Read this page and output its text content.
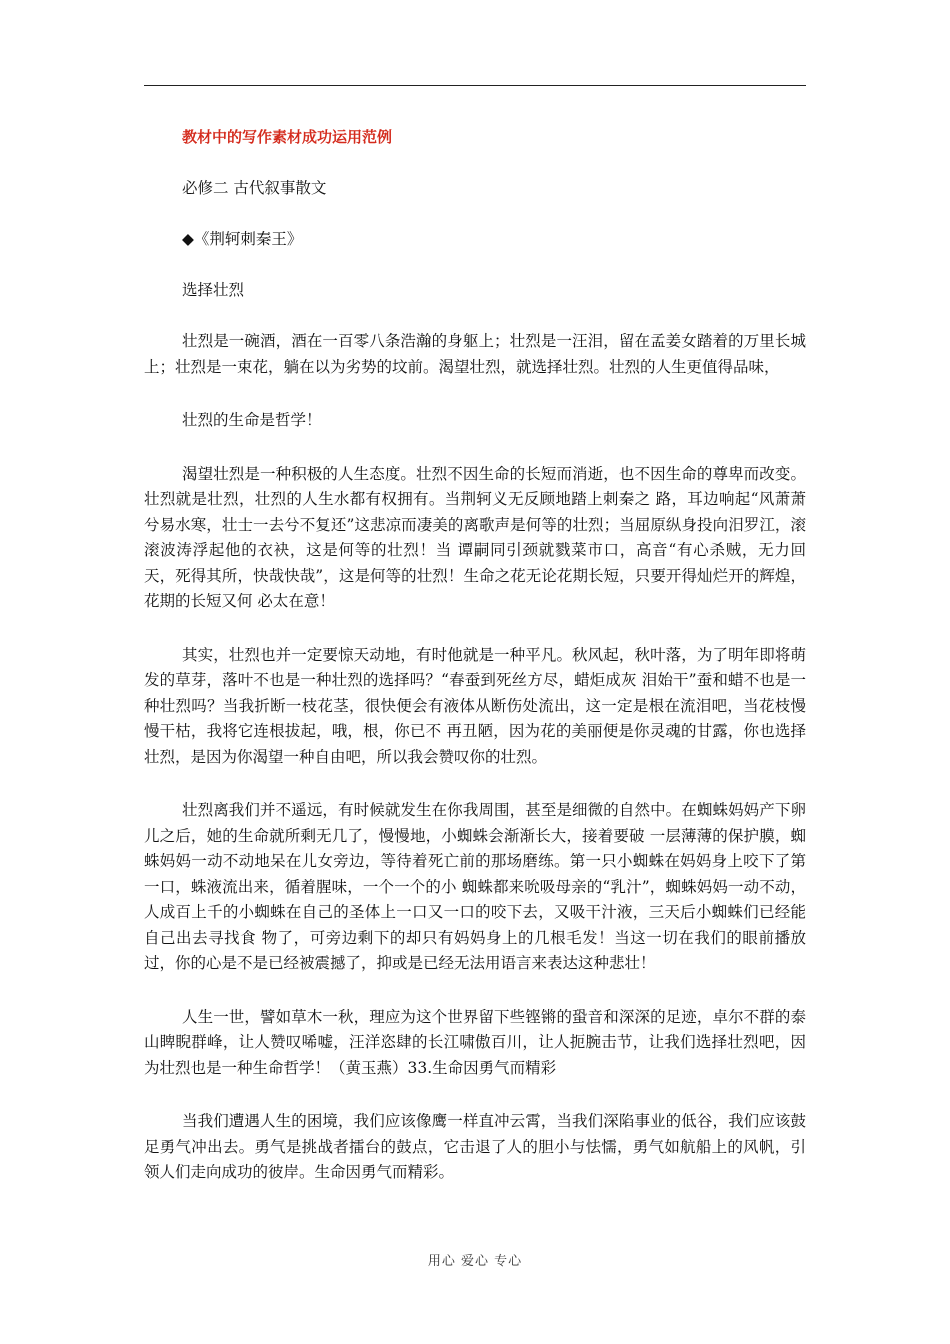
教材中的写作素材成功运用范例
必修二 古代叙事散文
◆《荆轲刺秦王》
选择壮烈

壮烈是一碗酒，酒在一百零八条浩瀚的身躯上；壮烈是一汪泪，留在孟姜女踏着的万里长城上；壮烈是一束花，躺在以为劣势的坟前。渴望壮烈，就选择壮烈。壮烈的人生更值得品味，

壮烈的生命是哲学！

渴望壮烈是一种积极的人生态度。壮烈不因生命的长短而消逝，也不因生命的尊卑而改变。壮烈就是壮烈，壮烈的人生水都有权拥有。当荆轲义无反顾地踏上刺秦之 路，耳边响起“风萧萧兮易水寒，壮士一去兮不复还”这悲凉而凄美的离歌声是何等的壮烈；当屈原纵身投向汨罗江，滚滚波涛浮起他的衣袂，这是何等的壮烈！当 谭嗣同引颈就戮菜市口，高音“有心杀贼，无力回天，死得其所，快哉快哉”，这是何等的壮烈！生命之花无论花期长短，只要开得灿烂开的辉煌，花期的长短又何 必太在意！

其实，壮烈也并一定要惊天动地，有时他就是一种平凡。秋风起，秋叶落，为了明年即将萌发的草芽，落叶不也是一种壮烈的选择吗？“春蚕到死丝方尽，蜡炬成灰 泪始干”蚕和蜡不也是一种壮烈吗？当我折断一枝花茎，很快便会有液体从断伤处流出，这一定是根在流泪吧，当花枝慢慢干枯，我将它连根拔起，哦，根，你已不 再丑陋，因为花的美丽便是你灵魂的甘露，你也选择壮烈，是因为你渴望一种自由吧，所以我会赞叹你的壮烈。

壮烈离我们并不遥远，有时候就发生在你我周围，甚至是细微的自然中。在蜘蛛妈妈产下卵儿之后，她的生命就所剩无几了，慢慢地，小蜘蛛会渐渐长大，接着要破 一层薄薄的保护膜，蜘蛛妈妈一动不动地呆在儿女旁边，等待着死亡前的那场磨练。第一只小蜘蛛在妈妈身上咬下了第一口，蛛液流出来，循着腥味，一个一个的小 蜘蛛都来吮吸母亲的“乳汁”，蜘蛛妈妈一动不动，人成百上千的小蜘蛛在自己的圣体上一口又一口的咬下去，又吸干汁液，三天后小蜘蛛们已经能自己出去寻找食 物了，可旁边剩下的却只有妈妈身上的几根毛发！当这一切在我们的眼前播放过，你的心是不是已经被震撼了，抑或是已经无法用语言来表达这种悲壮！

人生一世，譬如草木一秋，理应为这个世界留下些铿锵的蛩音和深深的足迹，卓尔不群的泰山睥睨群峰，让人赞叹唏嘘，汪洋恣肆的长江啸傲百川，让人扼腕击节，让我们选择壮烈吧，因为壮烈也是一种生命哲学！（黄玉燕）33.生命因勇气而精彩

当我们遭遇人生的困境，我们应该像鹰一样直冲云霄，当我们深陷事业的低谷，我们应该鼓足勇气冲出去。勇气是挑战者擂台的鼓点，它击退了人的胆小与怯懦，勇气如航船上的风帆，引领人们走向成功的彼岸。生命因勇气而精彩。

用心 爱心 专心
